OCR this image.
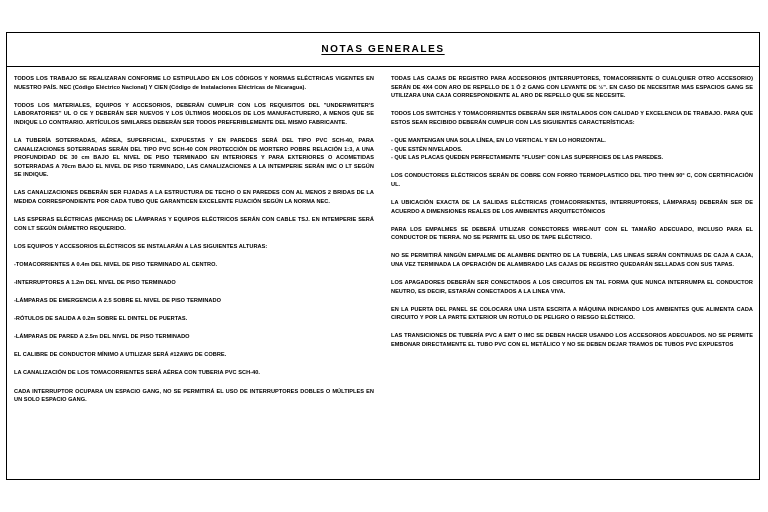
NOTAS GENERALES

TODOS LOS TRABAJO SE REALIZARAN CONFORME LO ESTIPULADO EN LOS CÓDIGOS Y NORMAS ELÉCTRICAS VIGENTES EN NUESTRO PAÍS. NEC (Código Eléctrico Nacional) Y CIEN (Código de Instalaciones Eléctricas de Nicaragua).

TODOS LOS MATERIALES, EQUIPOS Y ACCESORIOS, DEBERÁN CUMPLIR CON LOS REQUISITOS DEL "UNDERWRITER'S LABORATORIES" UL O CE Y DEBERÁN SER NUEVOS Y LOS ÚLTIMOS MODELOS DE LOS MANUFACTURERO, A MENOS QUE SE INDIQUE LO CONTRARIO. ARTÍCULOS SIMILARES DEBERÁN SER TODOS PREFERIBLEMENTE DEL MISMO FABRICANTE.

LA TUBERÍA SOTERRADAS, AÉREA, SUPERFICIAL, EXPUESTAS Y EN PAREDES SERÁ DEL TIPO PVC SCH-40, PARA CANALIZACIONES SOTERRADAS SERÁN DEL TIPO PVC SCH-40 CON PROTECCIÓN DE MORTERO POBRE RELACIÓN 1:3, A UNA PROFUNDIDAD DE 30 cm BAJO EL NIVEL DE PISO TERMINADO EN INTERIORES Y PARA EXTERIORES O ACOMETIDAS SOTERRADAS A 70cm BAJO EL NIVEL DE PISO TERMINADO, LAS CANALIZACIONES A LA INTEMPERIE SERÁN IMC O LT SEGÚN SE INDIQUE.

LAS CANALIZACIONES DEBERÁN SER FIJADAS A LA ESTRUCTURA DE TECHO O EN PAREDES CON AL MENOS 2 BRIDAS DE LA MEDIDA CORRESPONDIENTE POR CADA TUBO QUE GARANTICEN EXCELENTE FIJACIÓN SEGÚN LA NORMA NEC.

LAS ESPERAS ELÉCTRICAS (MECHAS) DE LÁMPARAS Y EQUIPOS ELÉCTRICOS SERÁN CON CABLE TSJ. EN INTEMPERIE SERÁ CON LT SEGÚN DIÁMETRO REQUERIDO.

LOS EQUIPOS Y ACCESORIOS ELÉCTRICOS SE INSTALARÁN A LAS SIGUIENTES ALTURAS:

-TOMACORRIENTES A 0.4m DEL NIVEL DE PISO TERMINADO AL CENTRO.

-INTERRUPTORES A 1.2m DEL NIVEL DE PISO TERMINADO

-LÁMPARAS DE EMERGENCIA A 2.5 SOBRE EL NIVEL DE PISO TERMINADO

-RÓTULOS DE SALIDA A 0.2m SOBRE EL DINTEL DE PUERTAS.

-LÁMPARAS DE PARED A 2.5m DEL NIVEL DE PISO TERMINADO

EL CALIBRE DE CONDUCTOR MÍNIMO A UTILIZAR SERÁ #12AWG DE COBRE.

LA CANALIZACIÓN DE LOS TOMACORRIENTES SERÁ AÉREA CON TUBERIA PVC SCH-40.

CADA INTERRUPTOR OCUPARA UN ESPACIO GANG, NO SE PERMITIRÁ EL USO DE INTERRUPTORES DOBLES O MÚLTIPLES EN UN SOLO ESPACIO GANG.

TODAS LAS CAJAS DE REGISTRO PARA ACCESORIOS (INTERRUPTORES, TOMACORRIENTE O CUALQUIER OTRO ACCESORIO) SERÁN DE 4X4 CON ARO DE REPELLO DE 1 Ó 2 GANG CON LEVANTE DE ½". EN CASO DE NECESITAR MAS ESPACIOS GANG SE UTILIZARA UNA CAJA CORRESPONDIENTE AL ARO DE REPELLO QUE SE NECESITE.

TODOS LOS SWITCHES Y TOMACORRIENTES DEBERÁN SER INSTALADOS CON CALIDAD Y EXCELENCIA DE TRABAJO. PARA QUE ESTOS SEAN RECIBIDO DEBERÁN CUMPLIR CON LAS SIGUIENTES CARACTERÍSTICAS:

- QUE MANTENGAN UNA SOLA LÍNEA, EN LO VERTICAL Y EN LO HORIZONTAL.
- QUE ESTÉN NIVELADOS.
- QUE LAS PLACAS QUEDEN PERFECTAMENTE "FLUSH" CON LAS SUPERFICIES DE LAS PAREDES.

LOS CONDUCTORES ELÉCTRICOS SERÁN DE COBRE CON FORRO TERMOPLASTICO DEL TIPO THHN 90° C, CON CERTIFICACIÓN UL.

LA UBICACIÓN EXACTA DE LA SALIDAS ELÉCTRICAS (TOMACORRIENTES, INTERRUPTORES, LÁMPARAS) DEBERÁN SER DE ACUERDO A DIMENSIONES REALES DE LOS AMBIENTES ARQUITECTÓNICOS

PARA LOS EMPALMES SE DEBERÁ UTILIZAR CONECTORES WIRE-NUT CON EL TAMAÑO ADECUADO, INCLUSO PARA EL CONDUCTOR DE TIERRA. NO SE PERMITE EL USO DE TAPE ELÉCTRICO.

NO SE PERMITIRÁ NINGÚN EMPALME DE ALAMBRE DENTRO DE LA TUBERÍA, LAS LINEAS SERÁN CONTINUAS DE CAJA A CAJA, UNA VEZ TERMINADA LA OPERACIÓN DE ALAMBRADO LAS CAJAS DE REGISTRO QUEDARÁN SELLADAS CON SUS TAPAS.

LOS APAGADORES DEBERÁN SER CONECTADOS A LOS CIRCUITOS EN TAL FORMA QUE NUNCA INTERRUMPA EL CONDUCTOR NEUTRO, ES DECIR, ESTARÁN CONECTADOS A LA LINEA VIVA.

EN LA PUERTA DEL PANEL SE COLOCARA UNA LISTA ESCRITA A MÁQUINA INDICANDO LOS AMBIENTES QUE ALIMENTA CADA CIRCUITO Y POR LA PARTE EXTERIOR UN ROTULO DE PELIGRO O RIESGO ELÉCTRICO.

LAS TRANSICIONES DE TUBERÍA PVC A EMT O IMC SE DEBEN HACER USANDO LOS ACCESORIOS ADECUADOS. NO SE PERMITE EMBONAR DIRECTAMENTE EL TUBO PVC CON EL METÁLICO Y NO SE DEBEN DEJAR TRAMOS DE TUBOS PVC EXPUESTOS
